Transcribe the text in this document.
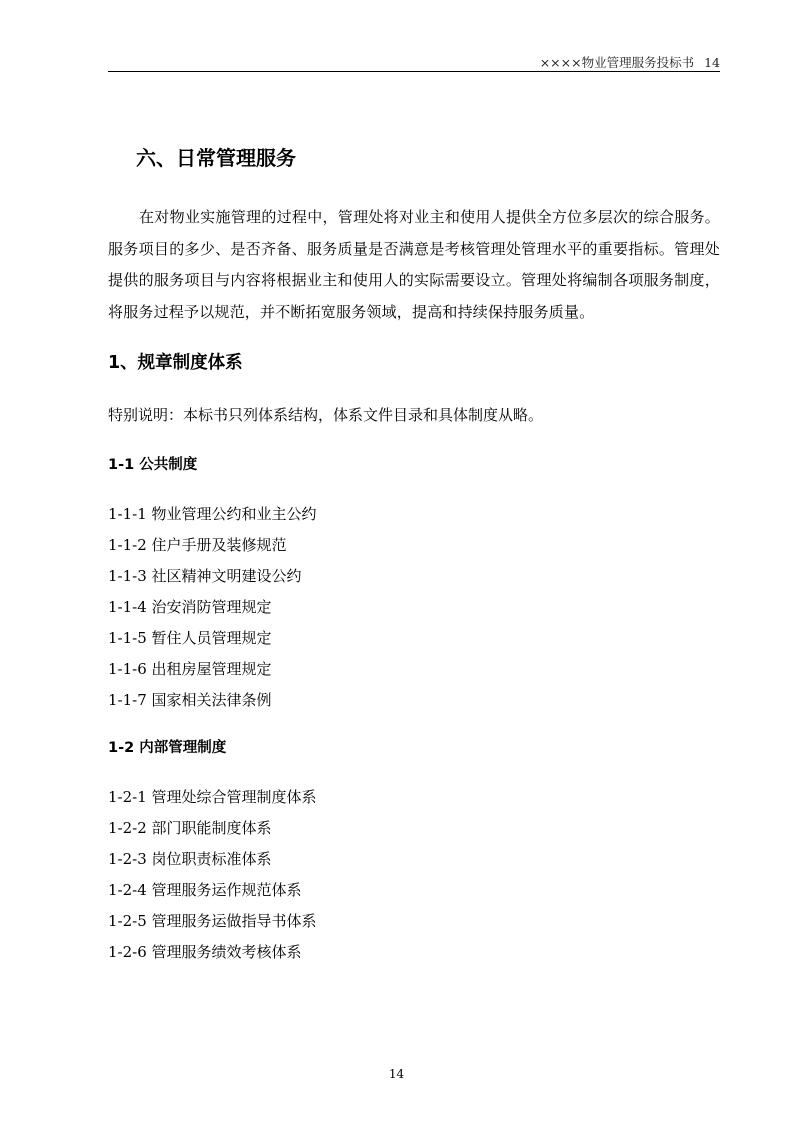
××××物业管理服务投标书 14
六、日常管理服务

在对物业实施管理的过程中，管理处将对业主和使用人提供全方位多层次的综合服务。服务项目的多少、是否齐备、服务质量是否满意是考核管理处管理水平的重要指标。管理处提供的服务项目与内容将根据业主和使用人的实际需要设立。管理处将编制各项服务制度，将服务过程予以规范，并不断拓宽服务领域，提高和持续保持服务质量。

1、规章制度体系

特别说明：本标书只列体系结构，体系文件目录和具体制度从略。

1-1 公共制度
1-1-1 物业管理公约和业主公约
1-1-2 住户手册及装修规范
1-1-3 社区精神文明建设公约
1-1-4 治安消防管理规定
1-1-5 暂住人员管理规定
1-1-6 出租房屋管理规定
1-1-7 国家相关法律条例
1-2 内部管理制度
1-2-1 管理处综合管理制度体系
1-2-2 部门职能制度体系
1-2-3 岗位职责标准体系
1-2-4 管理服务运作规范体系
1-2-5 管理服务运做指导书体系
1-2-6 管理服务绩效考核体系
14
